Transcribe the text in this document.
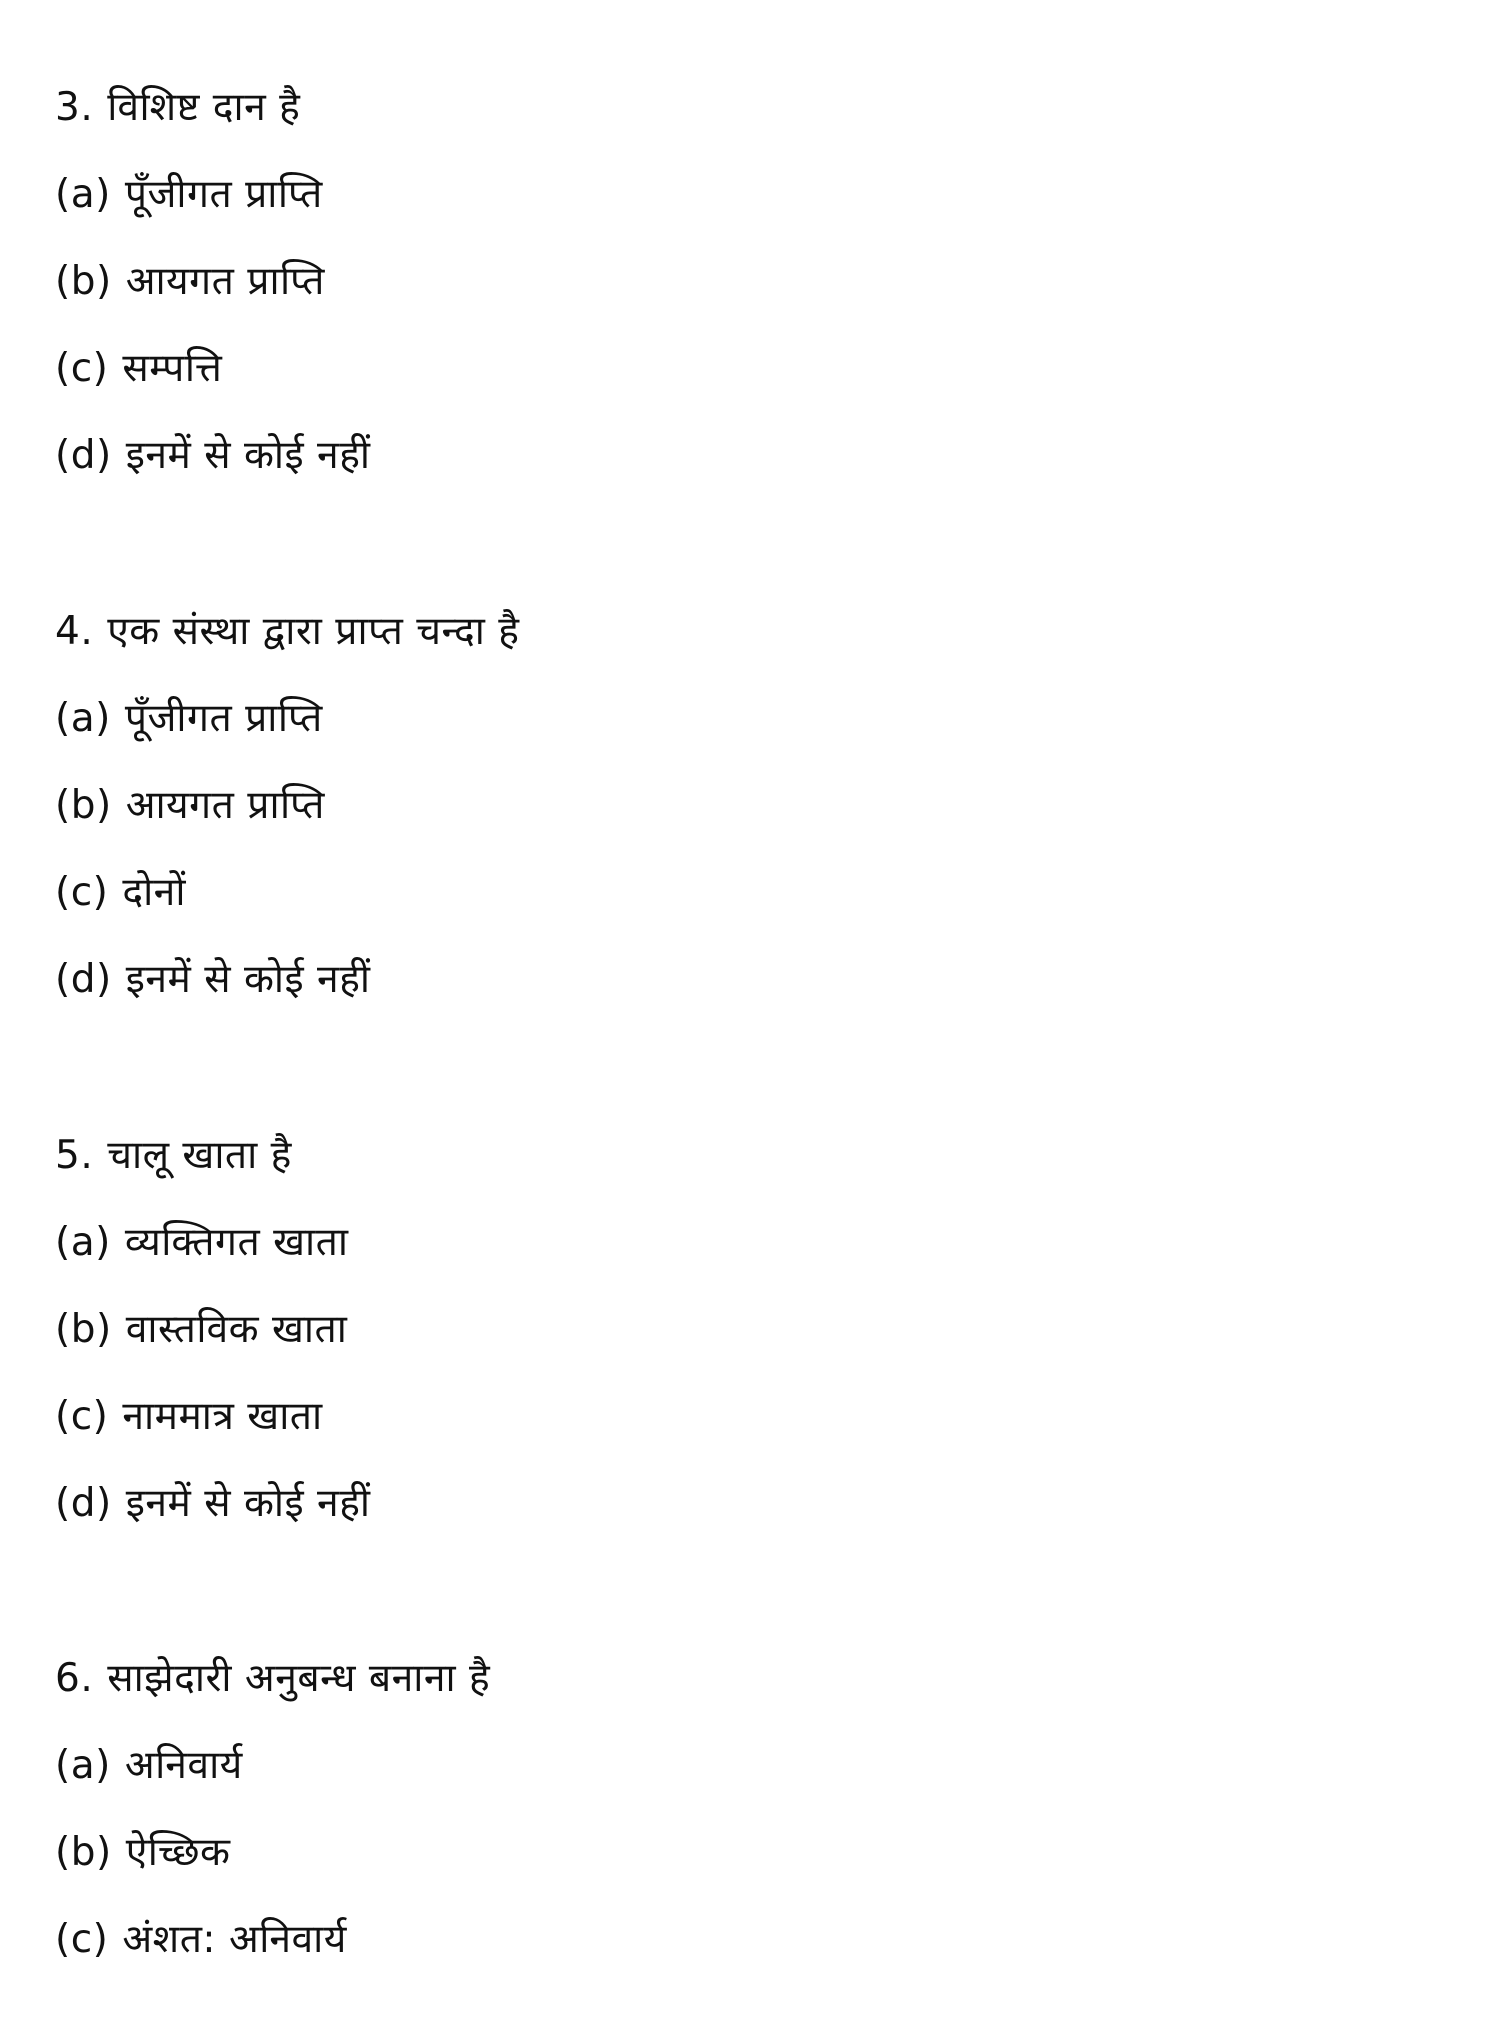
3. विशिष्ट दान है
(a) पूँजीगत प्राप्ति
(b) आयगत प्राप्ति
(c) सम्पत्ति
(d) इनमें से कोई नहीं
4. एक संस्था द्वारा प्राप्त चन्दा है
(a) पूँजीगत प्राप्ति
(b) आयगत प्राप्ति
(c) दोनों
(d) इनमें से कोई नहीं
5. चालू खाता है
(a) व्यक्तिगत खाता
(b) वास्तविक खाता
(c) नाममात्र खाता
(d) इनमें से कोई नहीं
6. साझेदारी अनुबन्ध बनाना है
(a) अनिवार्य
(b) ऐच्छिक
(c) अंशत: अनिवार्य
